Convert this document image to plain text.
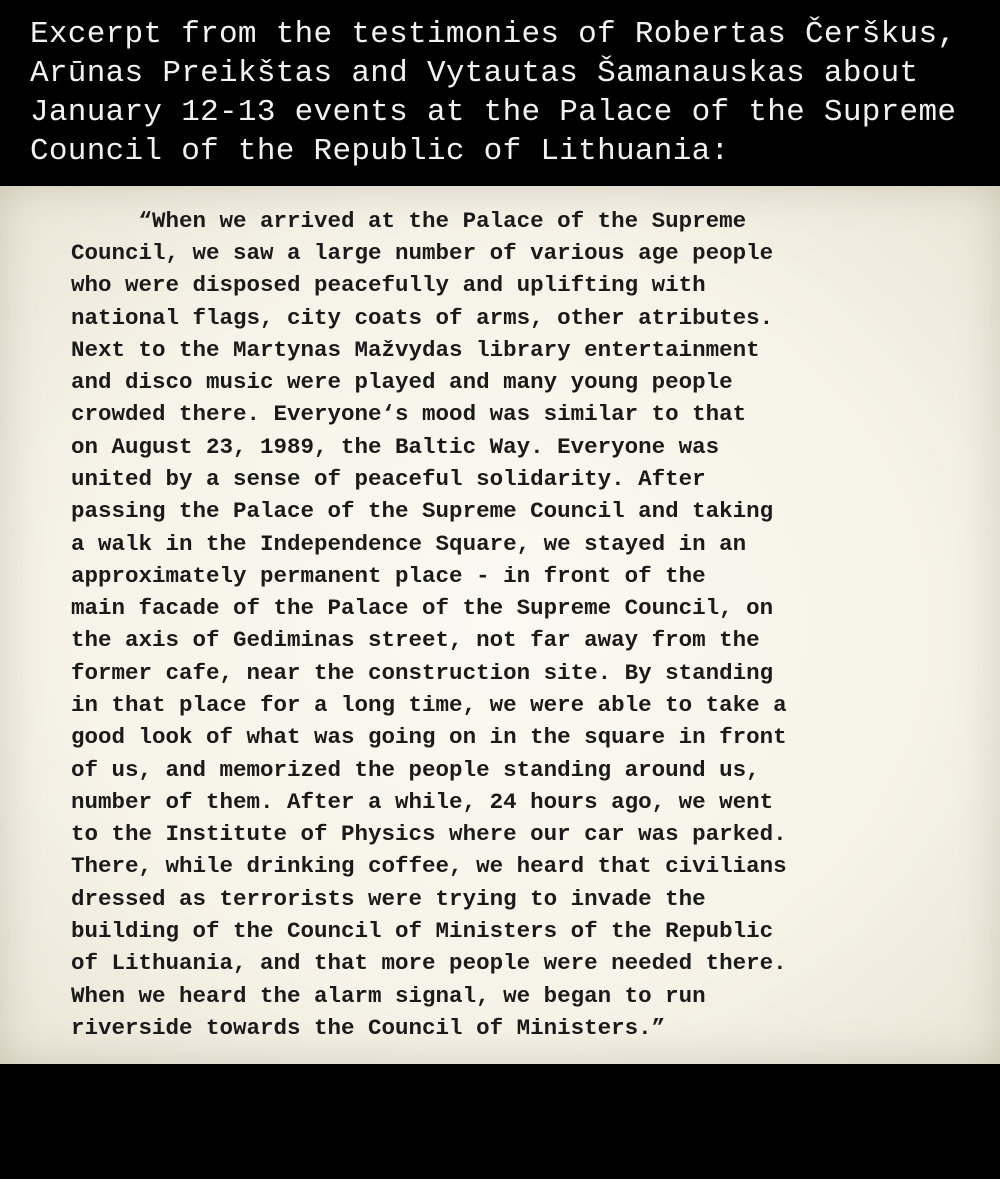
Excerpt from the testimonies of Robertas Čerškus,
Arūnas Preikštas and Vytautas Šamanauskas about
January 12-13 events at the Palace of the Supreme
Council of the Republic of Lithuania:
“When we arrived at the Palace of the Supreme
Council, we saw a large number of various age people
who were disposed peacefully and uplifting with
national flags, city coats of arms, other atributes.
Next to the Martynas Mažvydas library entertainment
and disco music were played and many young people
crowded there. Everyone‘s mood was similar to that
on August 23, 1989, the Baltic Way. Everyone was
united by a sense of peaceful solidarity. After
passing the Palace of the Supreme Council and taking
a walk in the Independence Square, we stayed in an
approximately permanent place - in front of the
main facade of the Palace of the Supreme Council, on
the axis of Gediminas street, not far away from the
former cafe, near the construction site. By standing
in that place for a long time, we were able to take a
good look of what was going on in the square in front
of us, and memorized the people standing around us,
number of them. After a while, 24 hours ago, we went
to the Institute of Physics where our car was parked.
There, while drinking coffee, we heard that civilians
dressed as terrorists were trying to invade the
building of the Council of Ministers of the Republic
of Lithuania, and that more people were needed there.
When we heard the alarm signal, we began to run
riverside towards the Council of Ministers.”
